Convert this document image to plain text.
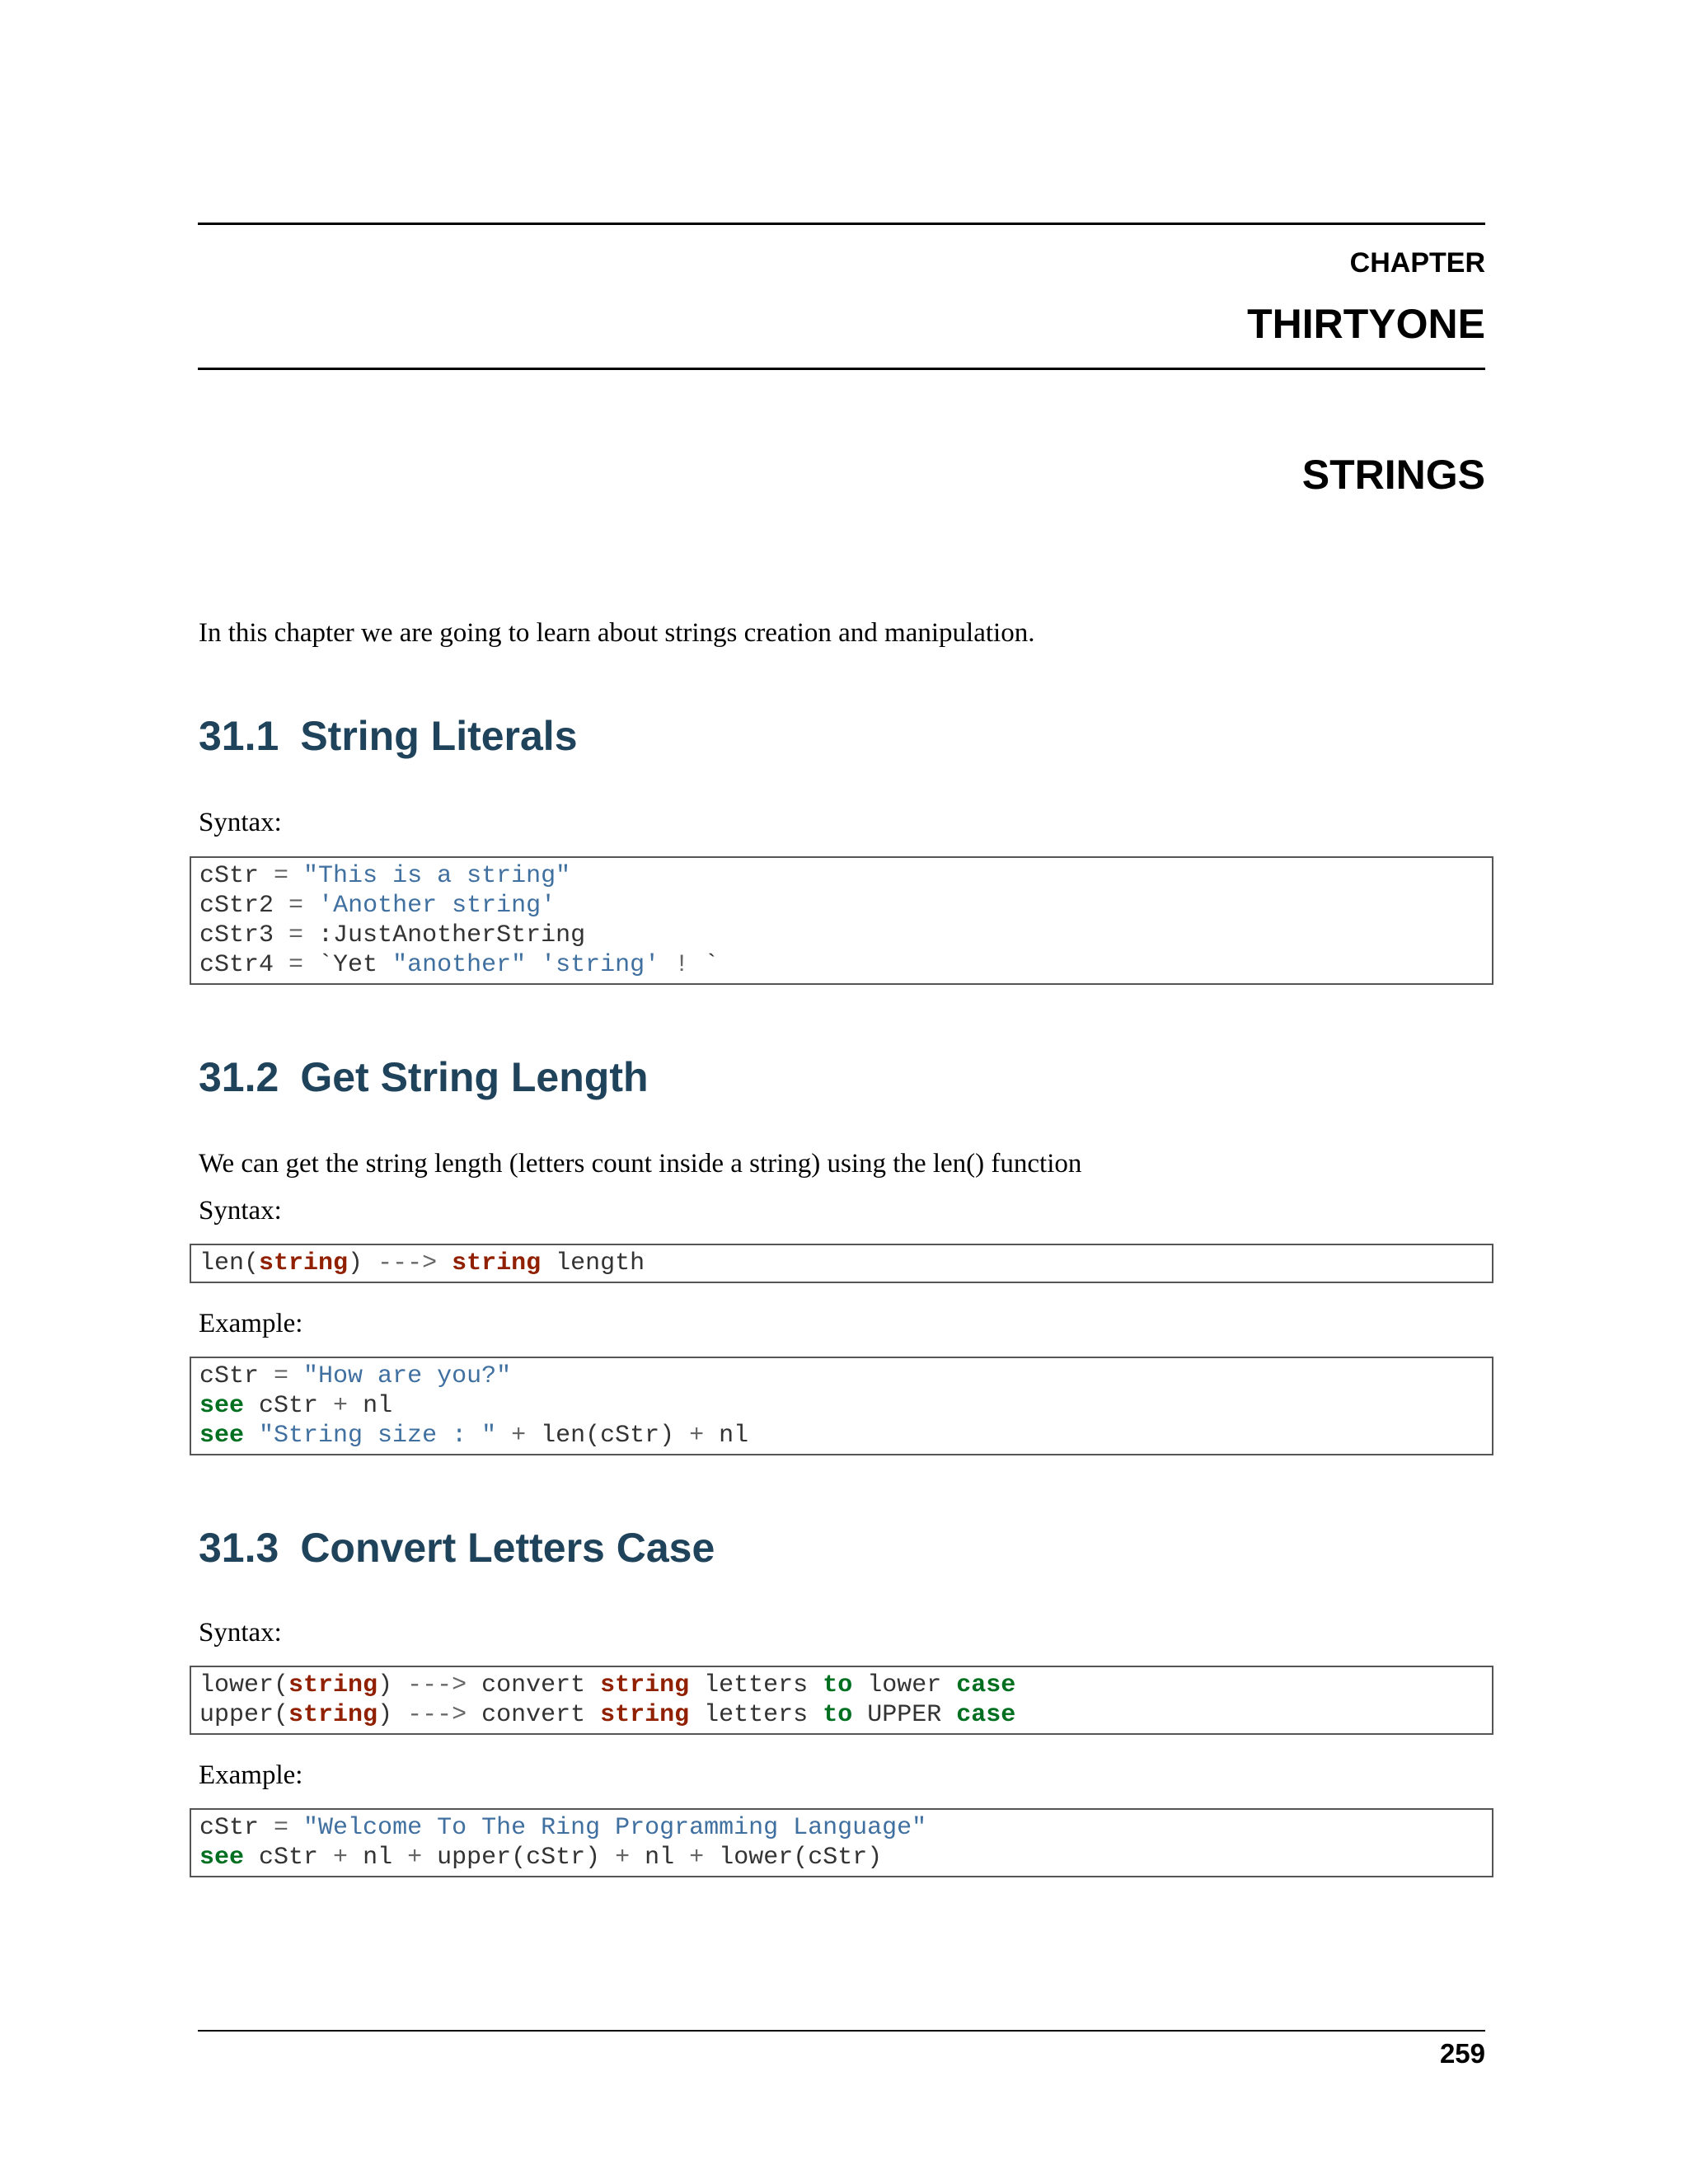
CHAPTER
THIRTYONE
STRINGS
In this chapter we are going to learn about strings creation and manipulation.
31.1 String Literals
Syntax:
cStr = "This is a string"
cStr2 = 'Another string'
cStr3 = :JustAnotherString
cStr4 = `Yet "another" 'string' ! `
31.2 Get String Length
We can get the string length (letters count inside a string) using the len() function
Syntax:
len(string) ---> string length
Example:
cStr = "How are you?"
see cStr + nl
see "String size : " + len(cStr) + nl
31.3 Convert Letters Case
Syntax:
lower(string) ---> convert string letters to lower case
upper(string) ---> convert string letters to UPPER case
Example:
cStr = "Welcome To The Ring Programming Language"
see cStr + nl + upper(cStr) + nl + lower(cStr)
259
